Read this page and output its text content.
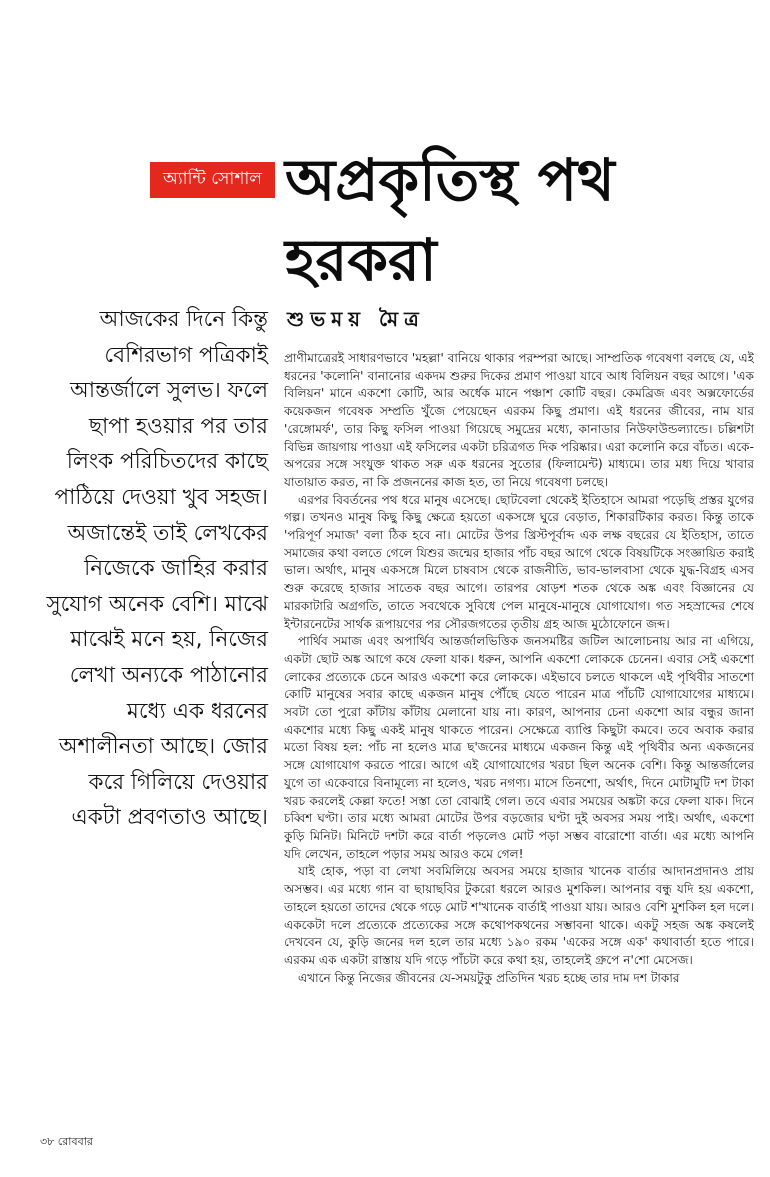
অ্যান্টি সোশাল অপ্রকৃতিস্থ পথ হরকরা

শুভময় মৈত্র

আজকের দিনে কিন্তু বেশিরভাগ পত্রিকাই আন্তর্জালে সুলভ। ফলে ছাপা হওয়ার পর তার লিংক পরিচিতদের কাছে পাঠিয়ে দেওয়া খুব সহজ। অজান্তেই তাই লেখকের নিজেকে জাহির করার সুযোগ অনেক বেশি। মাঝে মাঝেই মনে হয়, নিজের লেখা অন্যকে পাঠানোর মধ্যে এক ধরনের অশালীনতা আছে। জোর করে গিলিয়ে দেওয়ার একটা প্রবণতাও আছে।

প্রাণীমাত্রেরই সাধারণভাবে 'মহল্লা' বানিয়ে থাকার পরম্পরা আছে। সাম্প্রতিক গবেষণা বলছে যে, এই ধরনের 'কলোনি' বানানোর একদম শুরুর দিকের প্রমাণ পাওয়া যাবে আধ বিলিয়ন বছর আগে। 'এক বিলিয়ন' মানে একশো কোটি, আর অর্ধেক মানে পঞ্চাশ কোটি বছর। কেমব্রিজ এবং অক্সফোর্ডের কয়েকজন গবেষক সম্প্রতি খুঁজে পেয়েছেন এরকম কিছু প্রমাণ। এই ধরনের জীবের, নাম যার 'রেঙ্গোমর্ফ', তার কিছু ফসিল পাওয়া গিয়েছে সমুদ্রের মধ্যে, কানাডার নিউফাউন্ডল্যান্ডে। চল্লিশটা বিভিন্ন জায়গায় পাওয়া এই ফসিলের একটা চরিত্রগত দিক পরিষ্কার। এরা কলোনি করে বাঁচত। একে-অপরের সঙ্গে সংযুক্ত থাকত সরু এক ধরনের সুতোর (ফিলামেন্ট) মাধ্যমে। তার মধ্য দিয়ে খাবার যাতায়াত করত, না কি প্রজননের কাজ হত, তা নিয়ে গবেষণা চলছে।

এরপর বিবর্তনের পথ ধরে মানুষ এসেছে। ছোটবেলা থেকেই ইতিহাসে আমরা পড়েছি প্রস্তর যুগের গল্প। তখনও মানুষ কিছু কিছু ক্ষেত্রে হয়তো একসঙ্গে ঘুরে বেড়াত, শিকারটিকার করত। কিন্তু তাকে 'পরিপূর্ণ সমাজ' বলা ঠিক হবে না। মোটের উপর খ্রিস্টপূর্বাব্দ এক লক্ষ বছরের যে ইতিহাস, তাতে সমাজের কথা বলতে গেলে যিশুর জন্মের হাজার পাঁচ বছর আগে থেকে বিষয়টিকে সংজ্ঞায়িত করাই ভাল। অর্থাৎ, মানুষ একসঙ্গে মিলে চাষবাস থেকে রাজনীতি, ভাব-ভালবাসা থেকে যুদ্ধ-বিগ্রহ এসব শুরু করেছে হাজার সাতেক বছর আগে। তারপর ষোড়শ শতক থেকে অঙ্ক এবং বিজ্ঞানের যে মারকাটারি অগ্রগতি, তাতে সবথেকে সুবিধে পেল মানুষে-মানুষে যোগাযোগ। গত সহস্রাব্দের শেষে ইন্টারনেটের সার্থক রূপায়ণের পর সৌরজগতের তৃতীয় গ্রহ আজ মুঠোফোনে জব্দ।

পার্থিব সমাজ এবং অপার্থিব আন্তর্জালভিত্তিক জনসমষ্টির জটিল আলোচনায় আর না এগিয়ে, একটা ছোট অঙ্ক আগে কষে ফেলা যাক। ধরুন, আপনি একশো লোককে চেনেন। এবার সেই একশো লোকের প্রত্যেকে চেনে আরও একশো করে লোককে। এইভাবে চলতে থাকলে এই পৃথিবীর সাতশো কোটি মানুষের সবার কাছে একজন মানুষ পৌঁছে যেতে পারেন মাত্র পাঁচটি যোগাযোগের মাধ্যমে। সবটা তো পুরো কাঁটায় কাঁটায় মেলানো যায় না। কারণ, আপনার চেনা একশো আর বন্ধুর জানা একশোর মধ্যে কিছু একই মানুষ থাকতে পারেন। সেক্ষেত্রে ব্যাপ্তি কিছুটা কমবে। তবে অবাক করার মতো বিষয় হল: পাঁচ না হলেও মাত্র ছ'জনের মাধ্যমে একজন কিন্তু এই পৃথিবীর অন্য একজনের সঙ্গে যোগাযোগ করতে পারে। আগে এই যোগাযোগের খরচা ছিল অনেক বেশি। কিন্তু আন্তর্জালের যুগে তা একেবারে বিনামূল্যে না হলেও, খরচ নগণ্য। মাসে তিনশো, অর্থাৎ, দিনে মোটামুটি দশ টাকা খরচ করলেই কেল্লা ফতে! সস্তা তো বোঝাই গেল। তবে এবার সময়ের অঙ্কটা করে ফেলা যাক। দিনে চব্বিশ ঘণ্টা। তার মধ্যে আমরা মোটের উপর বড়জোর ঘণ্টা দুই অবসর সময় পাই। অর্থাৎ, একশো কুড়ি মিনিট। মিনিটে দশটা করে বার্তা পড়লেও মোট পড়া সম্ভব বারোশো বার্তা। এর মধ্যে আপনি যদি লেখেন, তাহলে পড়ার সময় আরও কমে গেল!

যাই হোক, পড়া বা লেখা সবমিলিয়ে অবসর সময়ে হাজার খানেক বার্তার আদানপ্রদানও প্রায় অসম্ভব। এর মধ্যে গান বা ছায়াছবির টুকরো ধরলে আরও মুশকিল। আপনার বন্ধু যদি হয় একশো, তাহলে হয়তো তাদের থেকে গড়ে মোট শ'খানেক বার্তাই পাওয়া যায়। আরও বেশি মুশকিল হল দলে। এককেটা দলে প্রত্যেকে প্রত্যেকের সঙ্গে কথোপকথনের সম্ভাবনা থাকে। একটু সহজ অঙ্ক কষলেই দেখবেন যে, কুড়ি জনের দল হলে তার মধ্যে ১৯০ রকম 'একের সঙ্গে এক' কথাবার্তা হতে পারে। এরকম এক একটা রাস্তায় যদি গড়ে পাঁচটা করে কথা হয়, তাহলেই গ্রুপে ন'শো মেসেজ।

এখানে কিন্তু নিজের জীবনের যে-সময়টুকু প্রতিদিন খরচ হচ্ছে তার দাম দশ টাকার

৩৮ রোববার
